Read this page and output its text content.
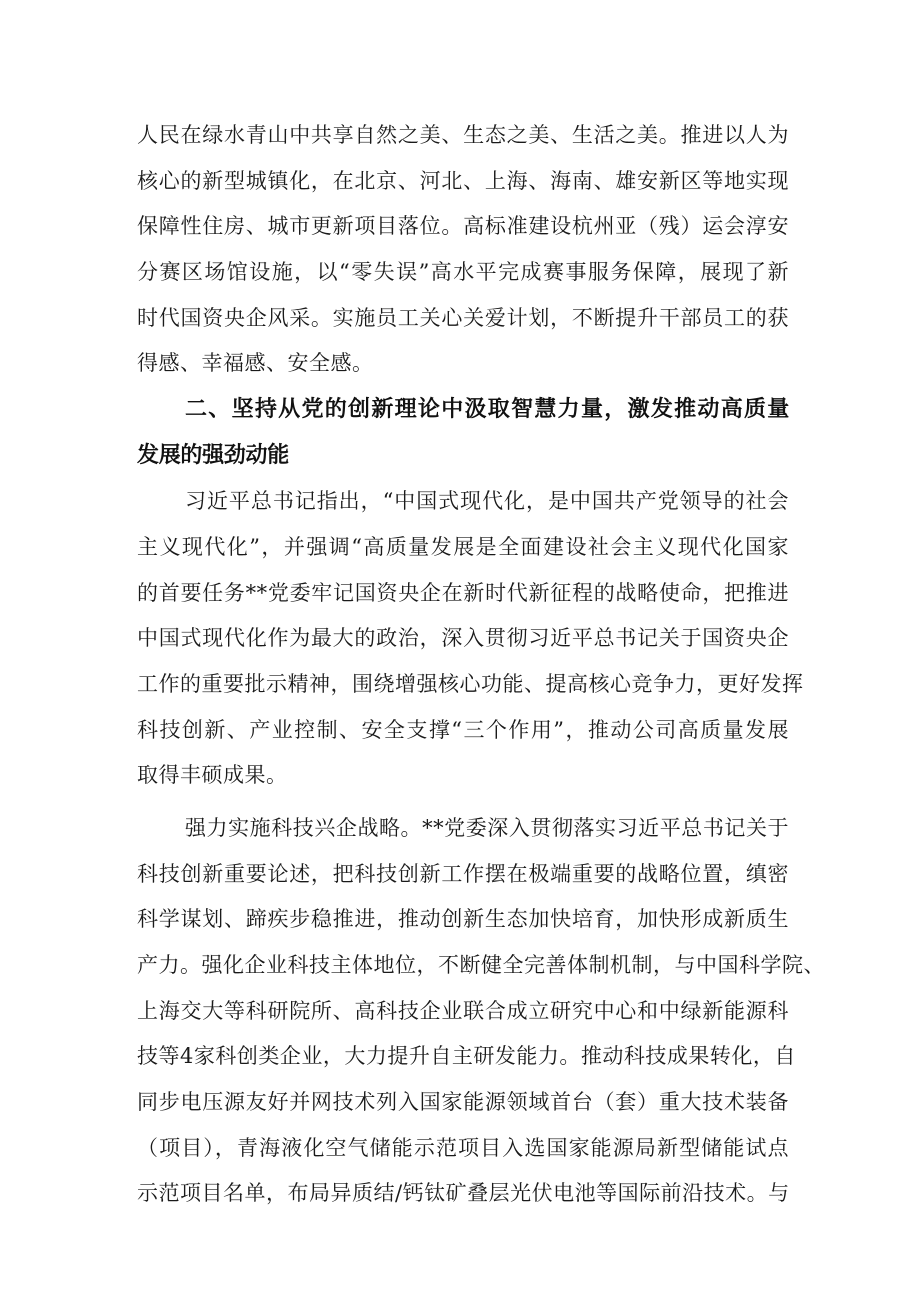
人民在绿水青山中共享自然之美、生态之美、生活之美。推进以人为
核心的新型城镇化，在北京、河北、上海、海南、雄安新区等地实现
保障性住房、城市更新项目落位。高标准建设杭州亚（残）运会淳安
分赛区场馆设施，以“零失误”高水平完成赛事服务保障，展现了新
时代国资央企风采。实施员工关心关爱计划，不断提升干部员工的获
得感、幸福感、安全感。
二、坚持从党的创新理论中汲取智慧力量，激发推动高质量
发展的强劲动能
习近平总书记指出，“中国式现代化，是中国共产党领导的社会
主义现代化”，并强调“高质量发展是全面建设社会主义现代化国家
的首要任务**党委牢记国资央企在新时代新征程的战略使命，把推进
中国式现代化作为最大的政治，深入贯彻习近平总书记关于国资央企
工作的重要批示精神，围绕增强核心功能、提高核心竞争力，更好发挥
科技创新、产业控制、安全支撑“三个作用”，推动公司高质量发展
取得丰硕成果。
强力实施科技兴企战略。**党委深入贯彻落实习近平总书记关于
科技创新重要论述，把科技创新工作摆在极端重要的战略位置，缜密
科学谋划、蹄疾步稳推进，推动创新生态加快培育，加快形成新质生
产力。强化企业科技主体地位，不断健全完善体制机制，与中国科学院、
上海交大等科研院所、高科技企业联合成立研究中心和中绿新能源科
技等4家科创类企业，大力提升自主研发能力。推动科技成果转化，自
同步电压源友好并网技术列入国家能源领域首台（套）重大技术装备
（项目），青海液化空气储能示范项目入选国家能源局新型储能试点
示范项目名单，布局异质结/钙钛矿叠层光伏电池等国际前沿技术。与
